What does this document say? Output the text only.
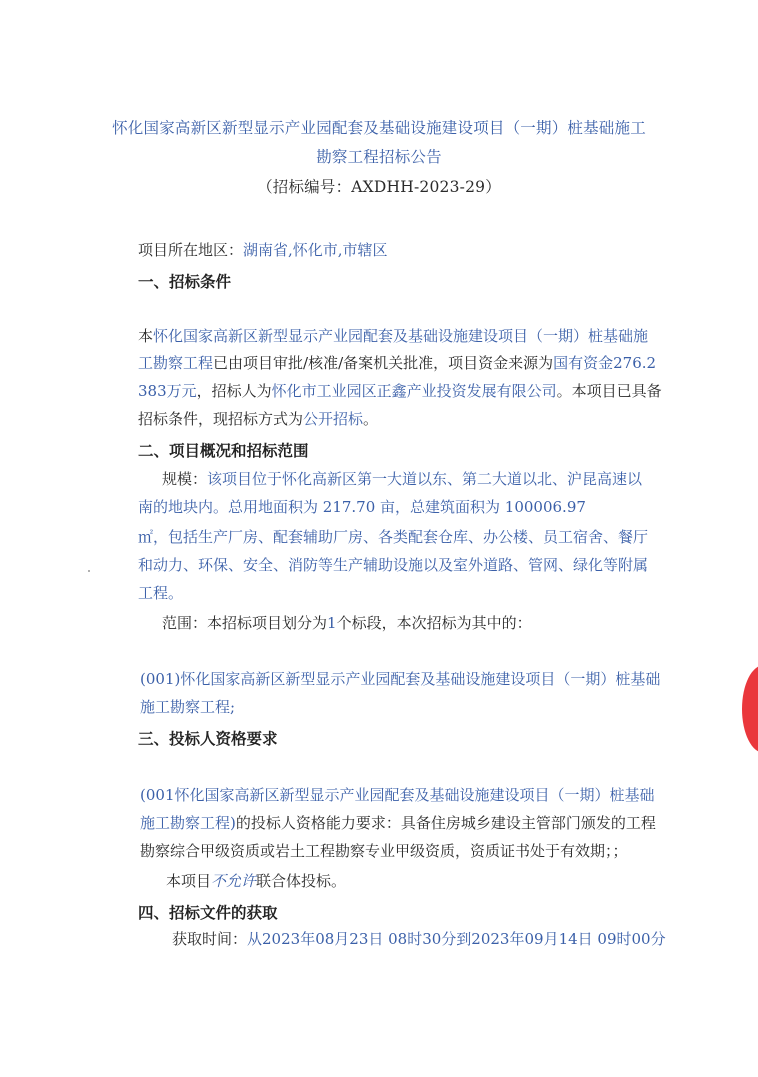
怀化国家高新区新型显示产业园配套及基础设施建设项目（一期）桩基础施工
勘察工程招标公告
（招标编号：AXDHH-2023-29）
项目所在地区：湖南省,怀化市,市辖区
一、招标条件
本怀化国家高新区新型显示产业园配套及基础设施建设项目（一期）桩基础施
工勘察工程已由项目审批/核准/备案机关批准，项目资金来源为国有资金276.2
383万元，招标人为怀化市工业园区正鑫产业投资发展有限公司。本项目已具备
招标条件，现招标方式为公开招标。
二、项目概况和招标范围
规模：该项目位于怀化高新区第一大道以东、第二大道以北、沪昆高速以
南的地块内。总用地面积为 217.70 亩，总建筑面积为 100006.97
㎡，包括生产厂房、配套辅助厂房、各类配套仓库、办公楼、员工宿舍、餐厅
和动力、环保、安全、消防等生产辅助设施以及室外道路、管网、绿化等附属
工程。
范围：本招标项目划分为1个标段，本次招标为其中的：
(001)怀化国家高新区新型显示产业园配套及基础设施建设项目（一期）桩基础
施工勘察工程;
三、投标人资格要求
(001怀化国家高新区新型显示产业园配套及基础设施建设项目（一期）桩基础
施工勘察工程)的投标人资格能力要求：具备住房城乡建设主管部门颁发的工程
勘察综合甲级资质或岩土工程勘察专业甲级资质，资质证书处于有效期；；
本项目不允许联合体投标。
四、招标文件的获取
获取时间：从2023年08月23日 08时30分到2023年09月14日 09时00分
